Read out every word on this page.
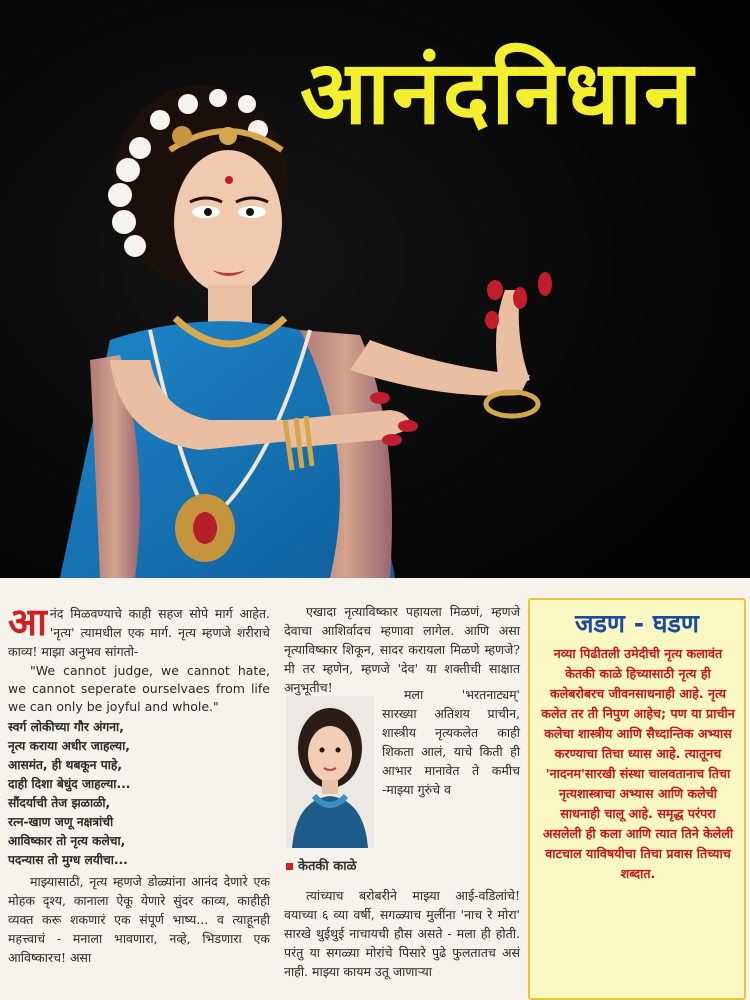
आनंदनिधान
आ नंद मिळवण्याचे काही सहज सोपे मार्ग आहेत. 'नृत्य' त्यामधील एक मार्ग. नृत्य म्हणजे शरीराचे काव्य! माझा अनुभव सांगतो-
"We cannot judge, we cannot hate, we cannot seperate ourselvaes from life we can only be joyful and whole."
स्वर्ग लोकीच्या गौर अंगना,
नृत्य कराया अधीर जाहल्या,
आसमंत, ही थबकून पाहे,
दाही दिशा बेधुंद जाहल्या...
सौंदर्याची तेज झळाळी,
रत्न-खाण जणू नक्षत्रांची
आविष्कार तो नृत्य कलेचा,
पदन्यास तो मुग्ध लयीचा...
माझ्यासाठी, नृत्य म्हणजे डोळ्यांना आनंद देणारे एक मोहक दृश्य, कानाला ऐकू येणारे सुंदर काव्य, काहीही व्यक्त करू शकणारं एक संपूर्ण भाष्य... व त्याहूनही महत्त्वाचं - मनाला भावणारा, नव्हे, भिडणारा एक आविष्कारच! असा
एखादा नृत्याविष्कार पहायला मिळणं, म्हणजे देवाचा आशिर्वादच म्हणावा लागेल. आणि असा नृत्याविष्कार शिकून, सादर करायला मिळणे म्हणजे? मी तर म्हणेन, म्हणजे 'देव' या शक्तीची साक्षात अनुभूतीच!	मला 'भरतनाट्यम्' सारख्या अतिशय प्राचीन, शास्त्रीय नृत्यकलेत काही शिकता आलं, याचे किती ही आभार मानावेत ते कमीच -माझ्या गुरुंचे व
केतकी काळे
त्यांच्याच बरोबरीने माझ्या आई-वडिलांचे! वयाच्या ६ व्या वर्षी, सगळ्याच मुलींना 'नाच रे मोरा' सारखे थुईथुई नाचायची हौस असते - मला ही होती. परंतु या सगळ्या मोरांचे पिसारे पुढे फुलतातच असं नाही. माझ्या कायम उतू जाणाऱ्या
जडण - घडण
नव्या पिढीतली उमेदीची नृत्य कलावंत केतकी काळे हिच्यासाठी नृत्य ही कलेबरोबरच जीवनसाधनाही आहे. नृत्य कलेत तर ती निपुण आहेच; पण या प्राचीन कलेचा शास्त्रीय आणि सैध्दान्तिक अभ्यास करण्याचा तिचा ध्यास आहे. त्यातूनच 'नादनम'सारखी संस्था चालवतानाच तिचा नृत्यशास्त्राचा अभ्यास आणि कलेची साधनाही चालू आहे. समृद्ध परंपरा असलेली ही कला आणि त्यात तिने केलेली वाटचाल याविषयीचा तिचा प्रवास तिच्याच शब्दात.
